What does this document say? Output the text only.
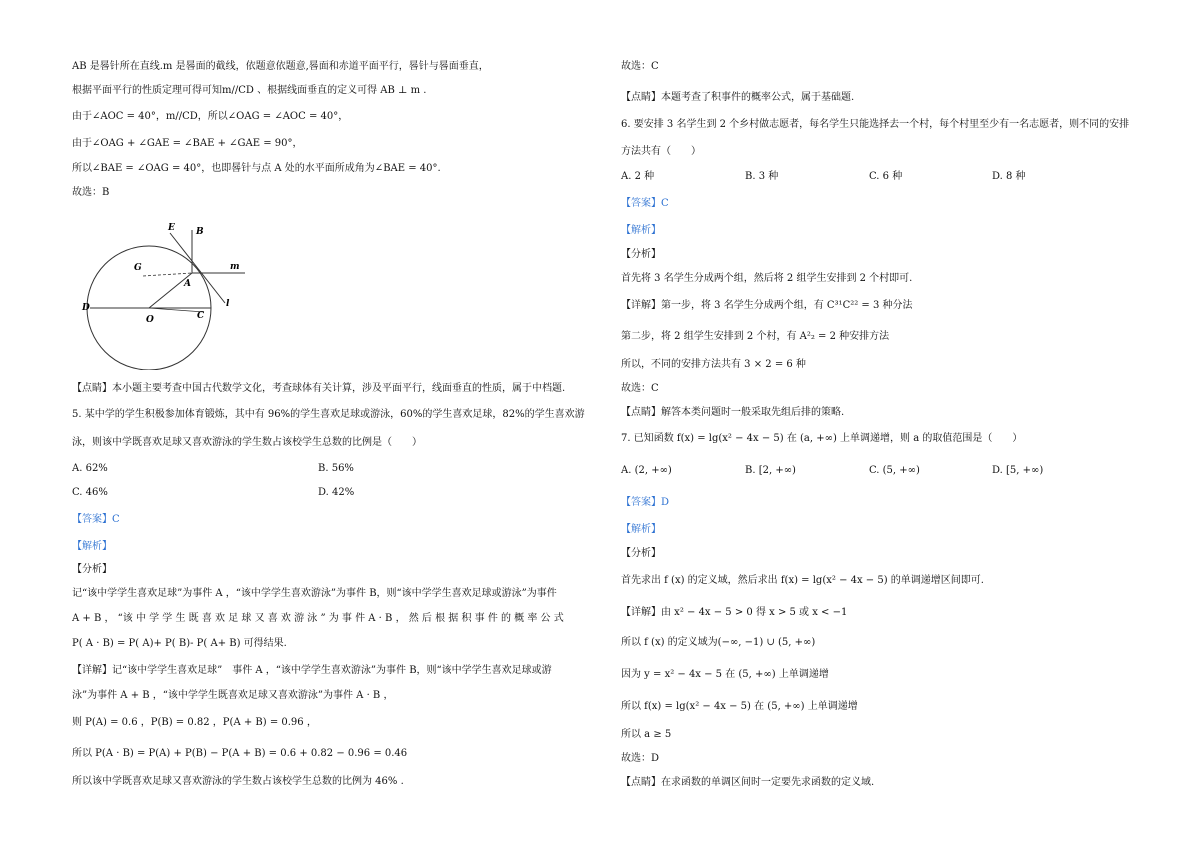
AB 是晷针所在直线.m 是晷面的截线，依题意依题意,晷面和赤道平面平行，晷针与晷面垂直，
根据平面平行的性质定理可得可知m//CD 、根据线面垂直的定义可得 AB ⊥ m .
由于∠AOC = 40°，m//CD，所以∠OAG = ∠AOC = 40°，
由于∠OAG + ∠GAE = ∠BAE + ∠GAE = 90°，
所以∠BAE = ∠OAG = 40°，也即晷针与点 A 处的水平面所成角为∠BAE = 40°.
故选：B
E B
G
A
m
l
D
O	C
【点睛】本小题主要考查中国古代数学文化，考查球体有关计算，涉及平面平行，线面垂直的性质，属于中档题.
5. 某中学的学生积极参加体育锻炼，其中有 96%的学生喜欢足球或游泳，60%的学生喜欢足球，82%的学生喜欢游
泳，则该中学既喜欢足球又喜欢游泳的学生数占该校学生总数的比例是（　　）
A. 62%	B. 56%
C. 46%	D. 42%
【答案】C
【解析】
【分析】
记“该中学学生喜欢足球”为事件 A ，“该中学学生喜欢游泳”为事件 B，则“该中学学生喜欢足球或游泳”为事件
A + B ， “该 中 学 学 生 既 喜 欢 足 球 又 喜 欢 游 泳 ” 为 事 件 A · B ， 然 后 根 据 积 事 件 的 概 率 公 式
P( A · B) = P( A)+ P( B)- P( A+ B) 可得结果.
【详解】记“该中学学生喜欢足球”　事件 A ，“该中学学生喜欢游泳”为事件 B，则“该中学学生喜欢足球或游
泳”为事件 A + B ，“该中学学生既喜欢足球又喜欢游泳”为事件 A · B ，
则 P(A) = 0.6 ，P(B) = 0.82 ，P(A + B) = 0.96 ，
所以 P(A · B) = P(A) + P(B) − P(A + B) = 0.6 + 0.82 − 0.96 = 0.46
所以该中学既喜欢足球又喜欢游泳的学生数占该校学生总数的比例为 46% .
故选：C
【点睛】本题考查了积事件的概率公式，属于基础题.
6. 要安排 3 名学生到 2 个乡村做志愿者，每名学生只能选择去一个村，每个村里至少有一名志愿者，则不同的安排
方法共有（　　）
A. 2 种	B. 3 种	C. 6 种	D. 8 种
【答案】C
【解析】
【分析】
首先将 3 名学生分成两个组，然后将 2 组学生安排到 2 个村即可.
【详解】第一步，将 3 名学生分成两个组，有 C³¹C²² = 3 种分法
第二步，将 2 组学生安排到 2 个村，有 A²₂ = 2 种安排方法
所以，不同的安排方法共有 3 × 2 = 6 种
故选：C
【点睛】解答本类问题时一般采取先组后排的策略.
7. 已知函数 f(x) = lg(x² − 4x − 5) 在 (a, +∞) 上单调递增，则 a 的取值范围是（　　）
A. (2, +∞)	B. [2, +∞)	C. (5, +∞)	D. [5, +∞)
【答案】D
【解析】
【分析】
首先求出 f (x) 的定义域，然后求出 f(x) = lg(x² − 4x − 5) 的单调递增区间即可.
【详解】由 x² − 4x − 5 > 0 得 x > 5 或 x < −1
所以 f (x) 的定义域为(−∞, −1) ∪ (5, +∞)
因为 y = x² − 4x − 5 在 (5, +∞) 上单调递增
所以 f(x) = lg(x² − 4x − 5) 在 (5, +∞) 上单调递增
所以 a ≥ 5
故选：D
【点睛】在求函数的单调区间时一定要先求函数的定义域.
